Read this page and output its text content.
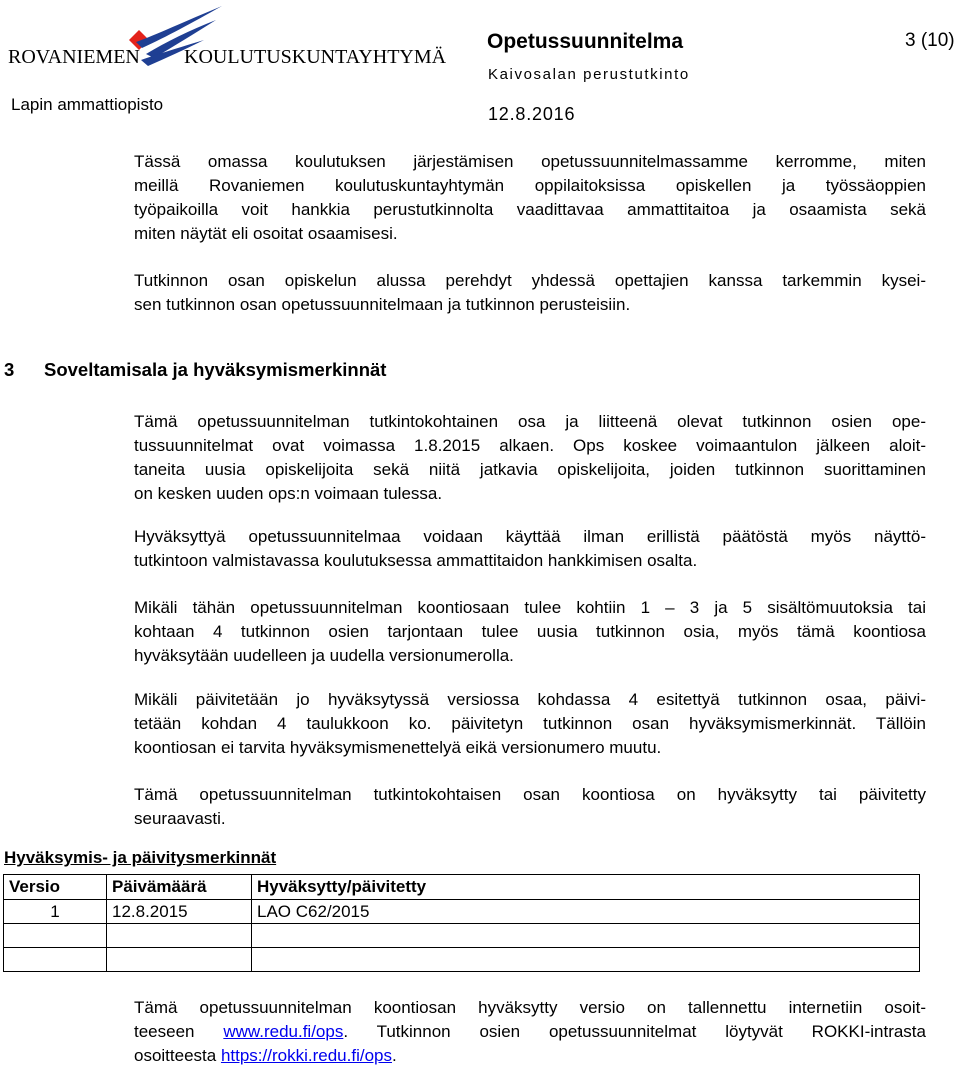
ROVANIEMEN KOULUTUSKUNTAYHTYMÄ
Lapin ammattiopisto
Opetussuunnitelma
Kaivosalan perustutkinto
12.8.2016
3 (10)
Tässä omassa koulutuksen järjestämisen opetussuunnitelmassamme kerromme, miten
meillä Rovaniemen koulutuskuntayhtymän oppilaitoksissa opiskellen ja työssäoppien
työpaikoilla voit hankkia perustutkinnolta vaadittavaa ammattitaitoa ja osaamista sekä
miten näytät eli osoitat osaamisesi.
Tutkinnon osan opiskelun alussa perehdyt yhdessä opettajien kanssa tarkemmin kysei-
sen tutkinnon osan opetussuunnitelmaan ja tutkinnon perusteisiin.
3 Soveltamisala ja hyväksymismerkinnät
Tämä opetussuunnitelman tutkintokohtainen osa ja liitteenä olevat tutkinnon osien ope-
tussuunnitelmat ovat voimassa 1.8.2015 alkaen. Ops koskee voimaantulon jälkeen aloit-
taneita uusia opiskelijoita sekä niitä jatkavia opiskelijoita, joiden tutkinnon suorittaminen
on kesken uuden ops:n voimaan tulessa.
Hyväksyttyä opetussuunnitelmaa voidaan käyttää ilman erillistä päätöstä myös näyttö-
tutkintoon valmistavassa koulutuksessa ammattitaidon hankkimisen osalta.
Mikäli tähän opetussuunnitelman koontiosaan tulee kohtiin 1 – 3 ja 5 sisältömuutoksia tai
kohtaan 4 tutkinnon osien tarjontaan tulee uusia tutkinnon osia, myös tämä koontiosa
hyväksytään uudelleen ja uudella versionumerolla.
Mikäli päivitetään jo hyväksytyssä versiossa kohdassa 4 esitettyä tutkinnon osaa, päivi-
tetään kohdan 4 taulukkoon ko. päivitetyn tutkinnon osan hyväksymismerkinnät. Tällöin
koontiosan ei tarvita hyväksymismenettelyä eikä versionumero muutu.
Tämä opetussuunnitelman tutkintokohtaisen osan koontiosa on hyväksytty tai päivitetty
seuraavasti.
Hyväksymis- ja päivitysmerkinnät
Versio	Päivämäärä	Hyväksytty/päivitetty
1	12.8.2015	LAO C62/2015

Tämä opetussuunnitelman koontiosan hyväksytty versio on tallennettu internetiin osoit-
teeseen www.redu.fi/ops. Tutkinnon osien opetussuunnitelmat löytyvät ROKKI-intrasta
osoitteesta https://rokki.redu.fi/ops.
